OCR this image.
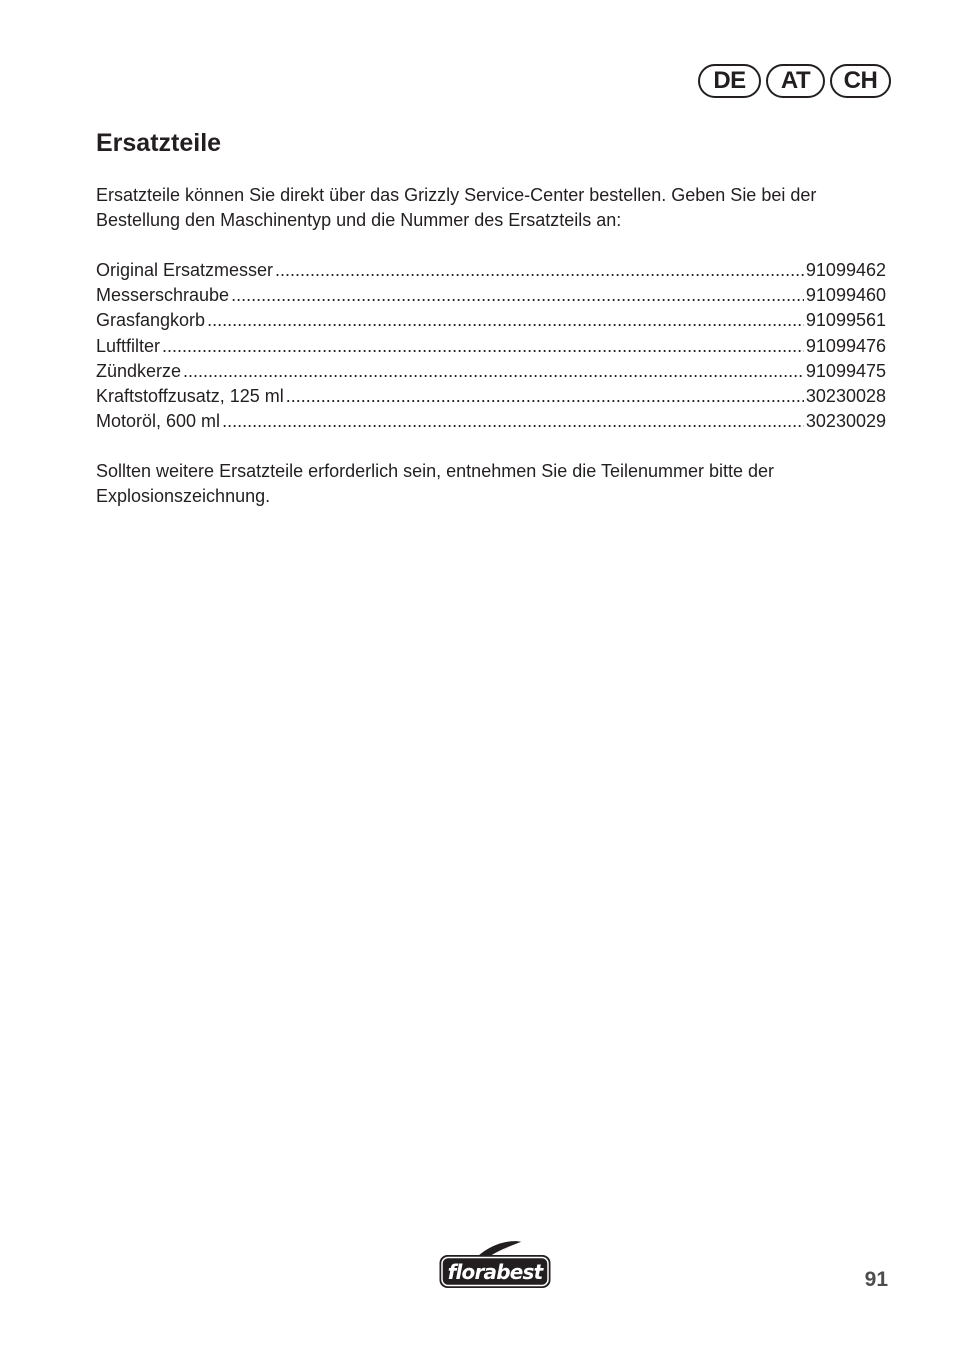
DE	AT	CH
Ersatzteile

Ersatzteile können Sie direkt über das Grizzly Service-Center bestellen. Geben Sie bei der Bestellung den Maschinentyp und die Nummer des Ersatzteils an:

Original Ersatzmesser .....	91099462
Messerschraube .....	91099460
Grasfangkorb .....	91099561
Luftfilter .....	91099476
Zündkerze .....	91099475
Kraftstoffzusatz, 125 ml .....	30230028
Motoröl, 600 ml .....	30230029

Sollten weitere Ersatzteile erforderlich sein, entnehmen Sie die Teilenummer bitte der Explosionszeichnung.

florabest	91
